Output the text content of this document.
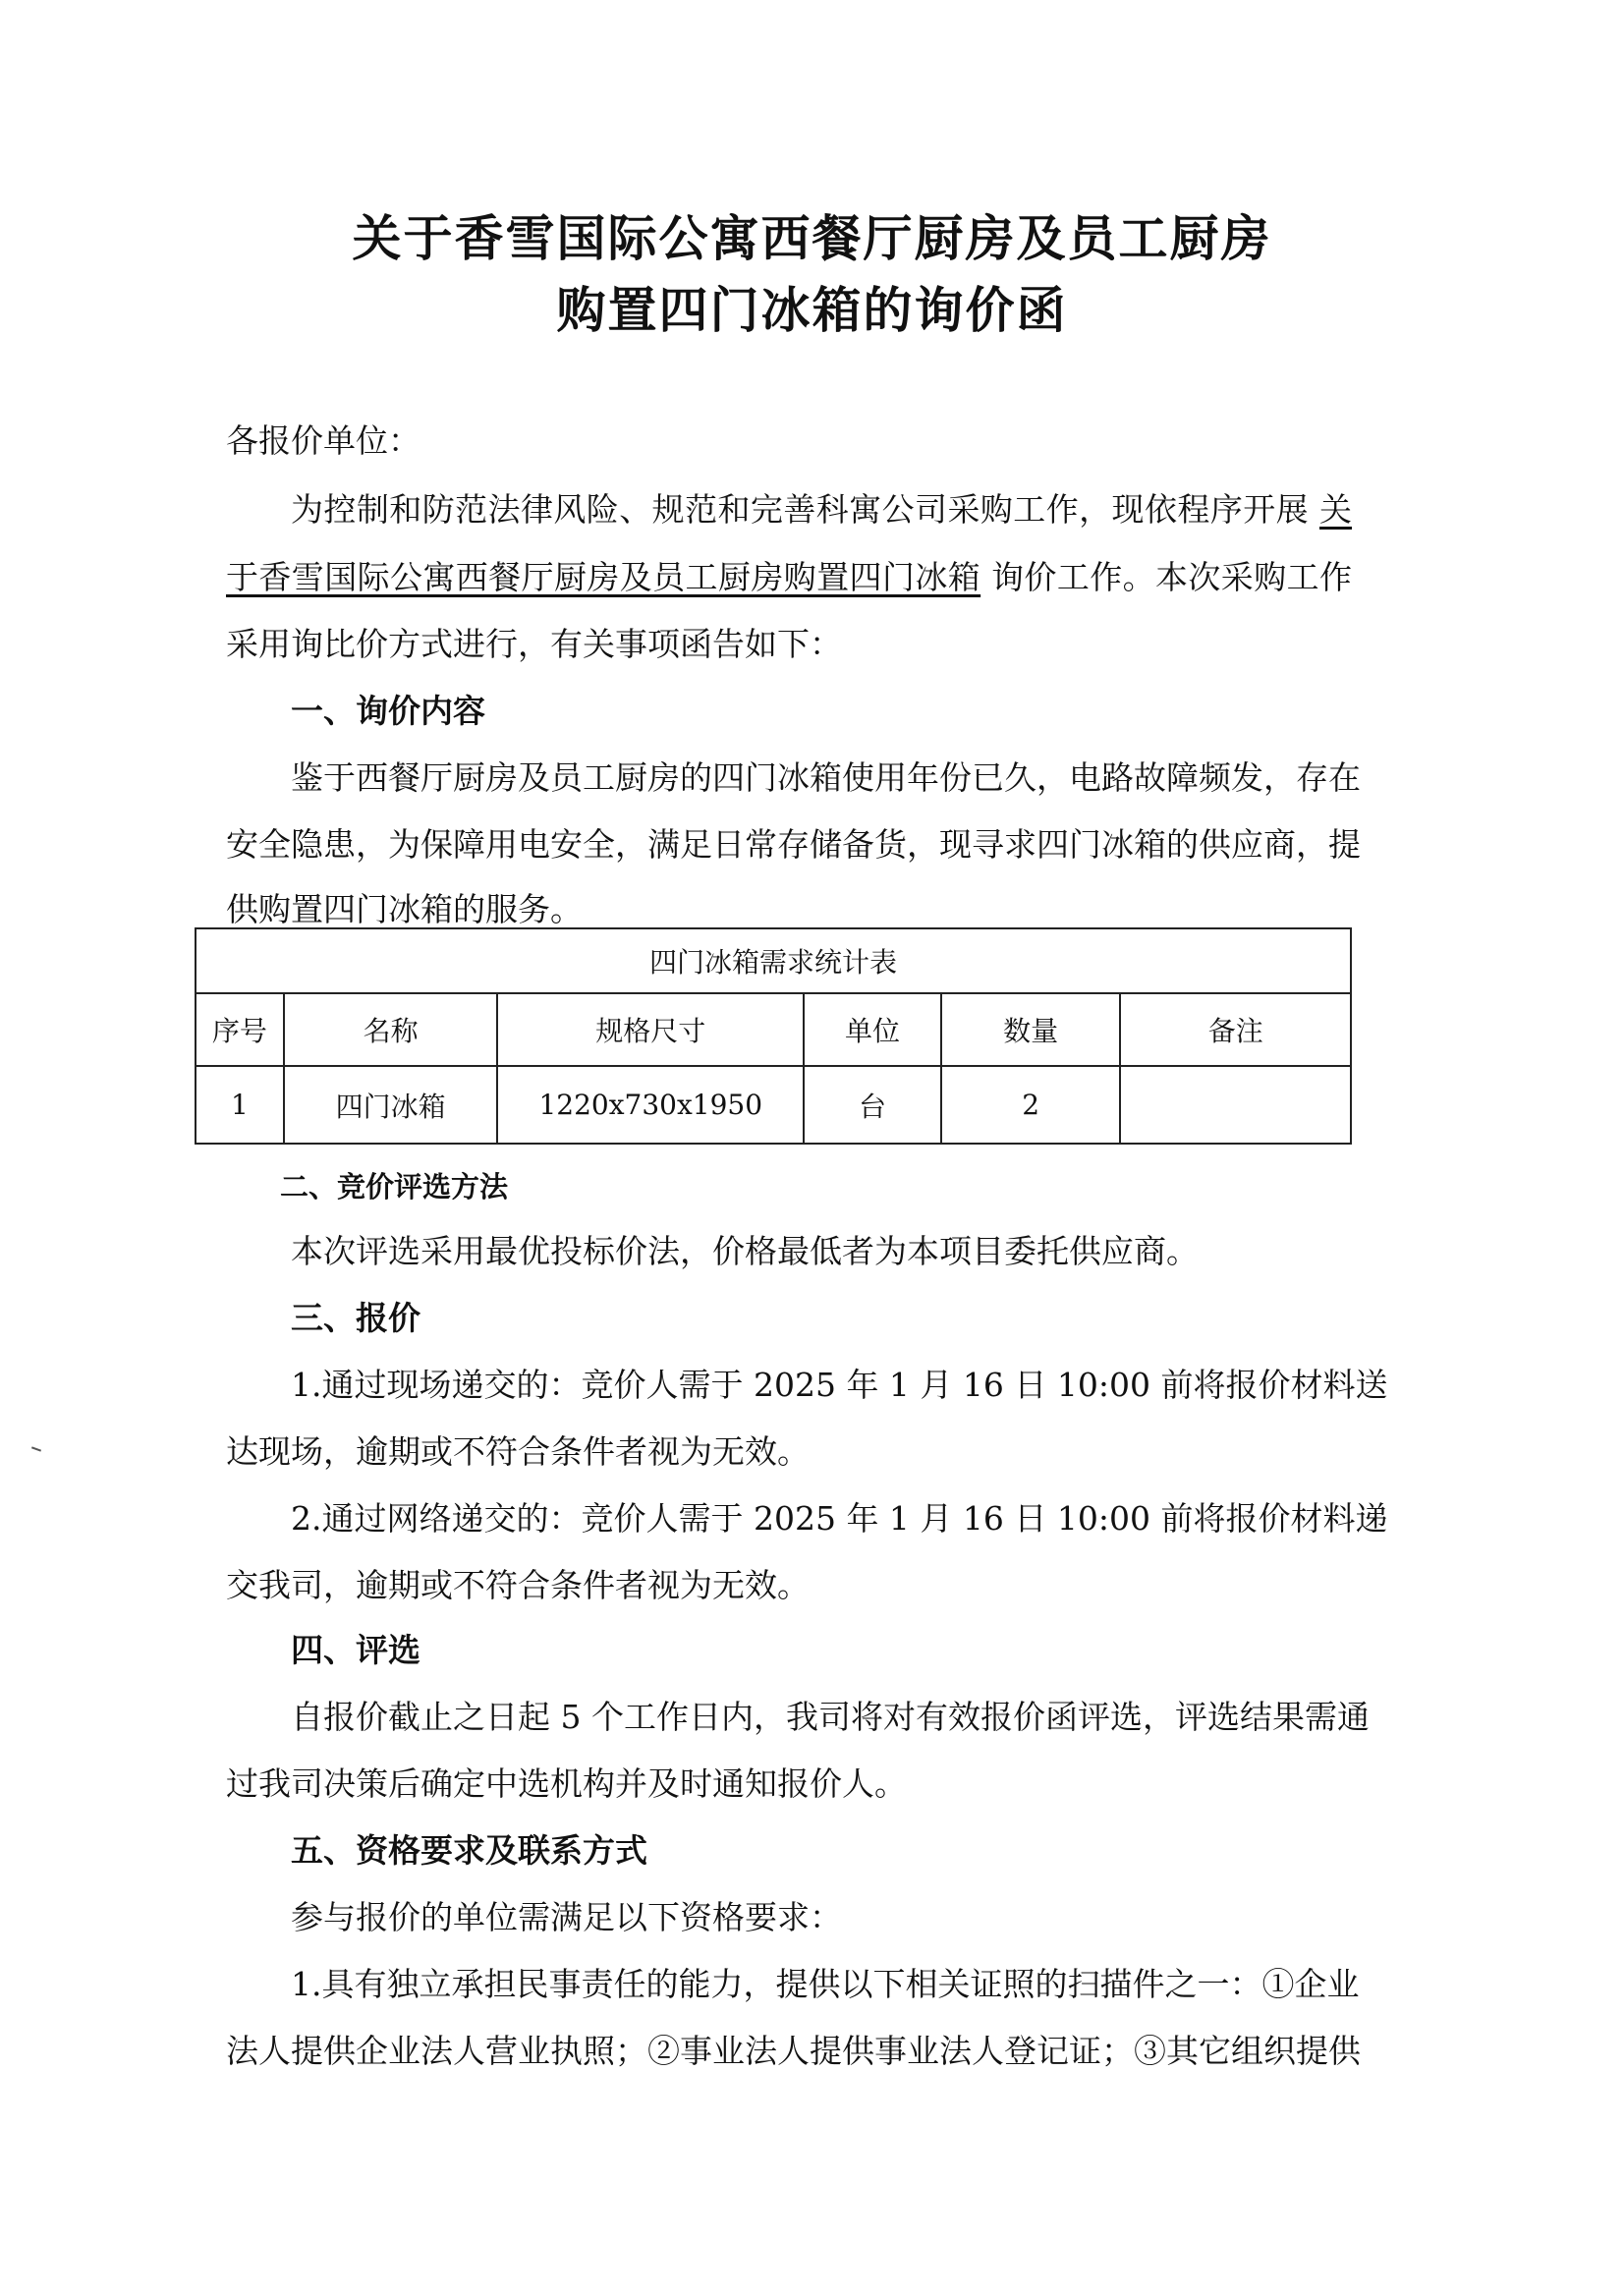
关于香雪国际公寓西餐厅厨房及员工厨房
购置四门冰箱的询价函
各报价单位：
为控制和防范法律风险、规范和完善科寓公司采购工作，现依程序开展 关
于香雪国际公寓西餐厅厨房及员工厨房购置四门冰箱 询价工作。本次采购工作
采用询比价方式进行，有关事项函告如下：
一、询价内容
鉴于西餐厅厨房及员工厨房的四门冰箱使用年份已久，电路故障频发，存在
安全隐患，为保障用电安全，满足日常存储备货，现寻求四门冰箱的供应商，提
供购置四门冰箱的服务。
四门冰箱需求统计表					
序号	名称	规格尺寸	单位	数量	备注
1	四门冰箱	1220x730x1950	台	2	
二、竞价评选方法
本次评选采用最优投标价法，价格最低者为本项目委托供应商。
三、报价
1.通过现场递交的：竞价人需于 2025 年 1 月 16 日 10:00 前将报价材料送
达现场，逾期或不符合条件者视为无效。
2.通过网络递交的：竞价人需于 2025 年 1 月 16 日 10:00 前将报价材料递
交我司，逾期或不符合条件者视为无效。
四、评选
自报价截止之日起 5 个工作日内，我司将对有效报价函评选，评选结果需通
过我司决策后确定中选机构并及时通知报价人。
五、资格要求及联系方式
参与报价的单位需满足以下资格要求：
1.具有独立承担民事责任的能力，提供以下相关证照的扫描件之一：①企业
法人提供企业法人营业执照；②事业法人提供事业法人登记证；③其它组织提供
